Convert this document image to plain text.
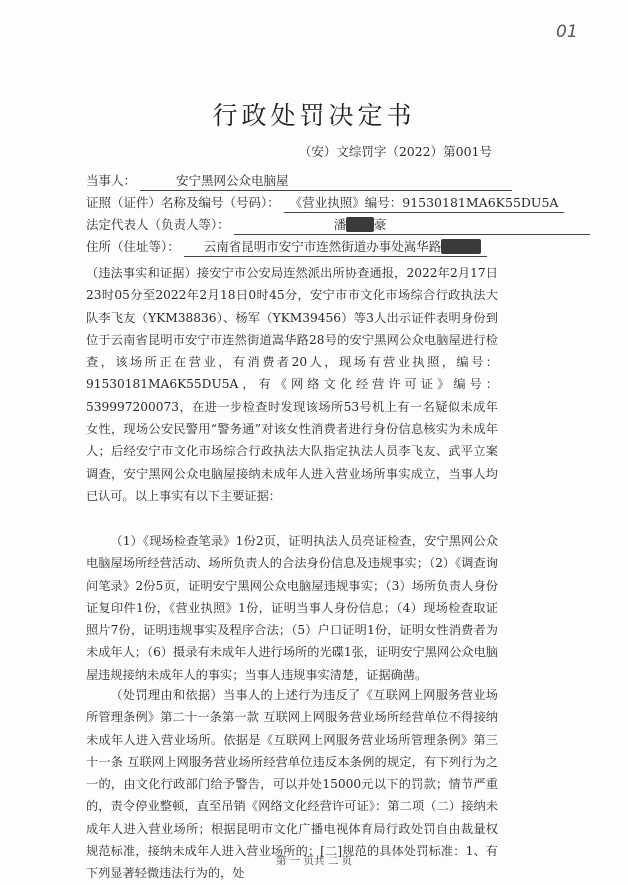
01
行政处罚决定书
（安）文综罚字（2022）第001号
当事人：	安宁黑网公众电脑屋
证照（证件）名称及编号（号码）： 《营业执照》编号：91530181MA6K55DU5A
法定代表人（负责人等）：	潘 ■■ 豪
住所（住址等）： 云南省昆明市安宁市连然街道办事处嵩华路 ■■■

（违法事实和证据）接安宁市公安局连然派出所协查通报，2022年2月17日23时05分至2022年2月18日0时45分，安宁市市文化市场综合行政执法大队李飞友（YKM38836）、杨军（YKM39456）等3人出示证件表明身份到位于云南省昆明市安宁市连然街道嵩华路28号的安宁黑网公众电脑屋进行检查，该场所正在营业，有消费者20人，现场有营业执照，编号：91530181MA6K55DU5A，有《网络文化经营许可证》编号：539997200073，在进一步检查时发现该场所53号机上有一名疑似未成年女性，现场公安民警用“警务通”对该女性消费者进行身份信息核实为未成年人；后经安宁市文化市场综合行政执法大队指定执法人员李飞友、武平立案调查，安宁黑网公众电脑屋接纳未成年人进入营业场所事实成立，当事人均已认可。以上事实有以下主要证据：

（1）《现场检查笔录》1份2页，证明执法人员亮证检查，安宁黑网公众电脑屋场所经营活动、场所负责人的合法身份信息及违规事实；（2）《调查询问笔录》2份5页，证明安宁黑网公众电脑屋违规事实；（3）场所负责人身份证复印件1份，《营业执照》1份，证明当事人身份信息；（4）现场检查取证照片7份，证明违规事实及程序合法；（5）户口证明1份，证明女性消费者为未成年人；（6）摄录有未成年人进行场所的光碟1张，证明安宁黑网公众电脑屋违规接纳未成年人的事实；当事人违规事实清楚，证据确凿。

（处罚理由和依据）当事人的上述行为违反了《互联网上网服务营业场所管理条例》第二十一条第一款 互联网上网服务营业场所经营单位不得接纳未成年人进入营业场所。依据是《互联网上网服务营业场所管理条例》第三十一条 互联网上网服务营业场所经营单位违反本条例的规定，有下列行为之一的，由文化行政部门给予警告，可以并处15000元以下的罚款；情节严重的，责令停业整顿，直至吊销《网络文化经营许可证》：第二项（二）接纳未成年人进入营业场所；根据昆明市文化广播电视体育局行政处罚自由裁量权规范标准，接纳未成年人进入营业场所的；[二]规范的具体处罚标准：1、有下列显著轻微违法行为的，处

第 一 页共 二 页
